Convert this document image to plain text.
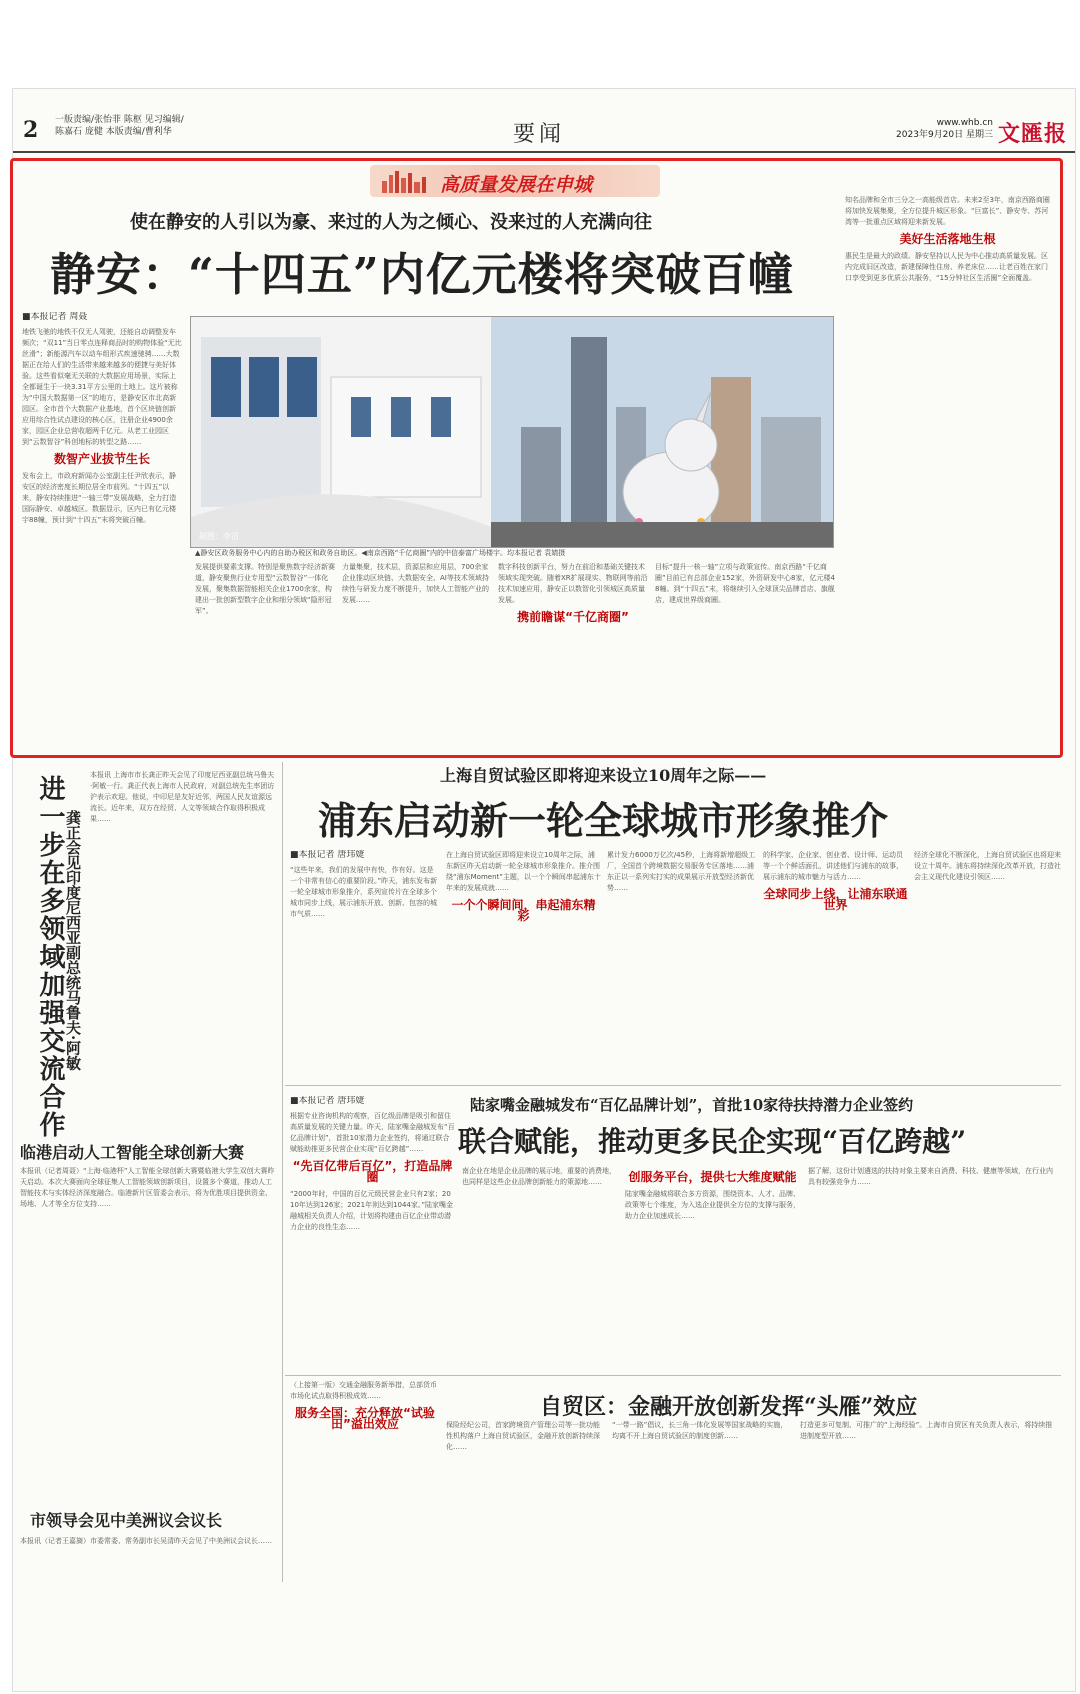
2 一版责编/张怡菲 陈枢 见习编辑/陈嘉石 庞健 本版责编/曹利华	要闻	www.whb.cn
2023年9月20日 星期三 文匯报
高质量发展在申城
使在静安的人引以为豪、来过的人为之倾心、没来过的人充满向往
静安：“十四五”内亿元楼将突破百幢
■本报记者 周聂
地铁飞驰的地铁不仅无人驾驶，还能自动调整发车频次；“双11”当日零点连释商品时的购物体验“无比丝滑”；新能源汽车以动车组形式疾速驰骋……大数据正在给人们的生活带来越来越多的便捷与美好体验。这些看似毫无关联的大数据应用场景，实际上全都诞生于一块3.31平方公里的土地上。这片被称为“中国大数据第一区”的地方，是静安区市北高新园区。全市首个大数据产业基地，首个区块链创新应用综合性试点建设的核心区，注册企业4900余家，园区企业总营收超两千亿元。从老工业园区到“云数智谷”科创地标的转型之路……
数智产业拔节生长
发布会上，市政府新闻办公室副主任尹欣表示，静安区的经济密度长期位居全市前列。“十四五”以来，静安持续推进“一轴三带”发展战略，全力打造国际静安、卓越城区。数据显示，区内已有亿元楼宇88幢，预计到“十四五”末将突破百幢。
制图：李洁
▲静安区政务服务中心内的自助办税区和政务自助区。◀南京西路“千亿商圈”内的中信泰富广场楼宇。均本报记者 袁婧摄
发展提供要素支撑。特别是聚焦数字经济新赛道，静安聚焦行业专用型“云数智谷”一体化发展，聚集数据智能相关企业1700余家，构建出一批创新型数字企业和细分领域“隐形冠军”。
力量集聚，技术层，资源层和应用层，700余家企业推动区块链、大数据安全、AI等技术领域持续性与研发力度不断提升，加快人工智能产业的发展……
数字科技创新平台，努力在前沿和基础关键技术领域实现突破。随着XR扩展现实、物联网等前沿技术加速应用，静安正以数智化引领城区高质量发展。
携前瞻谋“千亿商圈”
目标“提升一核一轴”立项与政策宣传。南京西路“千亿商圈”目前已有总部企业152家，外资研发中心8家，亿元楼48幢。到“十四五”末，将继续引入全球顶尖品牌首店、旗舰店，建成世界级商圈。
知名品牌和全市三分之一高能级首店。未来2至3年，南京西路商圈将加快发展集聚，全方位提升城区形象。“巨富长”、静安寺、苏河湾等一批重点区域将迎来新发展。
美好生活落地生根
惠民生是最大的政绩。静安坚持以人民为中心推动高质量发展。区内完成旧区改造，新建保障性住房、养老床位……让老百姓在家门口享受到更多优质公共服务，“15分钟社区生活圈”全面覆盖。
进一步在多领域加强交流合作 龚正会见印度尼西亚副总统马鲁夫·阿敏
本报讯 上海市市长龚正昨天会见了印度尼西亚副总统马鲁夫·阿敏一行。龚正代表上海市人民政府，对副总统先生率团访沪表示欢迎。他说，中印尼是友好近邻，两国人民友谊源远流长。近年来，双方在经贸、人文等领域合作取得积极成果……
临港启动人工智能全球创新大赛
本报讯（记者周聂）“上海·临港杯”人工智能全球创新大赛暨临港大学生双创大赛昨天启动。本次大赛面向全球征集人工智能领域创新项目，设置多个赛道，推动人工智能技术与实体经济深度融合。临港新片区管委会表示，将为优胜项目提供资金、场地、人才等全方位支持……
市领导会见中美洲议会议长
本报讯（记者王嘉旖）市委常委、常务副市长吴清昨天会见了中美洲议会议长……
上海自贸试验区即将迎来设立10周年之际——
浦东启动新一轮全球城市形象推介
■本报记者 唐玮婕
“这些年来，我们的发展中有快，作有好。这是一个非常有信心的重要阶段。”昨天，浦东发布新一轮全球城市形象推介，系列宣传片在全球多个城市同步上线，展示浦东开放、创新、包容的城市气质……
在上海自贸试验区即将迎来设立10周年之际，浦东新区昨天启动新一轮全球城市形象推介。推介围绕“浦东Moment”主题，以一个个瞬间串起浦东十年来的发展成就……
一个个瞬间间，串起浦东精彩
累计发力6000万亿次/45秒，上海将新增超级工厂，全国首个跨境数据交易服务专区落地……浦东正以一系列实打实的成果展示开放型经济新优势……
的科学家、企业家、创业者、设计师、运动员等一个个鲜活面孔，讲述他们与浦东的故事，展示浦东的城市魅力与活力……
全球同步上线，让浦东联通世界
经济全球化不断深化，上海自贸试验区也将迎来设立十周年。浦东将持续深化改革开放，打造社会主义现代化建设引领区……
陆家嘴金融城发布“百亿品牌计划”，首批10家待扶持潜力企业签约
联合赋能，推动更多民企实现“百亿跨越”
■本报记者 唐玮婕
根据专业咨询机构的观察，百亿级品牌是吸引和留住高质量发展的关键力量。昨天，陆家嘴金融城发布“百亿品牌计划”，首批10家潜力企业签约，将通过联合赋能助推更多民营企业实现“百亿跨越”……
“先百亿带后百亿”，打造品牌圈
“2000年时，中国的百亿元级民营企业只有2家；2010年达到126家；2021年则达到1044家。”陆家嘴金融城相关负责人介绍，计划将构建由百亿企业带动潜力企业的良性生态……
南企业在地是企业品牌的展示地，重要的消费地，也同样是这些企业品牌创新能力的策源地……	创服务平台，提供七大维度赋能
陆家嘴金融城将联合多方资源，围绕资本、人才、品牌、政策等七个维度，为入选企业提供全方位的支撑与服务，助力企业加速成长……
据了解，这份计划遴选的扶持对象主要来自消费、科技、健康等领域，在行业内具有较强竞争力……
自贸区：金融开放创新发挥“头雁”效应
（上接第一版）交通金融服务新举措，总部货币市场化试点取得积极成效……
服务全国：充分释放“试验田”溢出效应	保险经纪公司，首家跨境资产管理公司等一批功能性机构落户上海自贸试验区，金融开放创新持续深化……
“一带一路”倡议，长三角一体化发展等国家战略的实施，均离不开上海自贸试验区的制度创新……
打造更多可复制、可推广的“上海经验”。上海市自贸区有关负责人表示，将持续推进制度型开放……
